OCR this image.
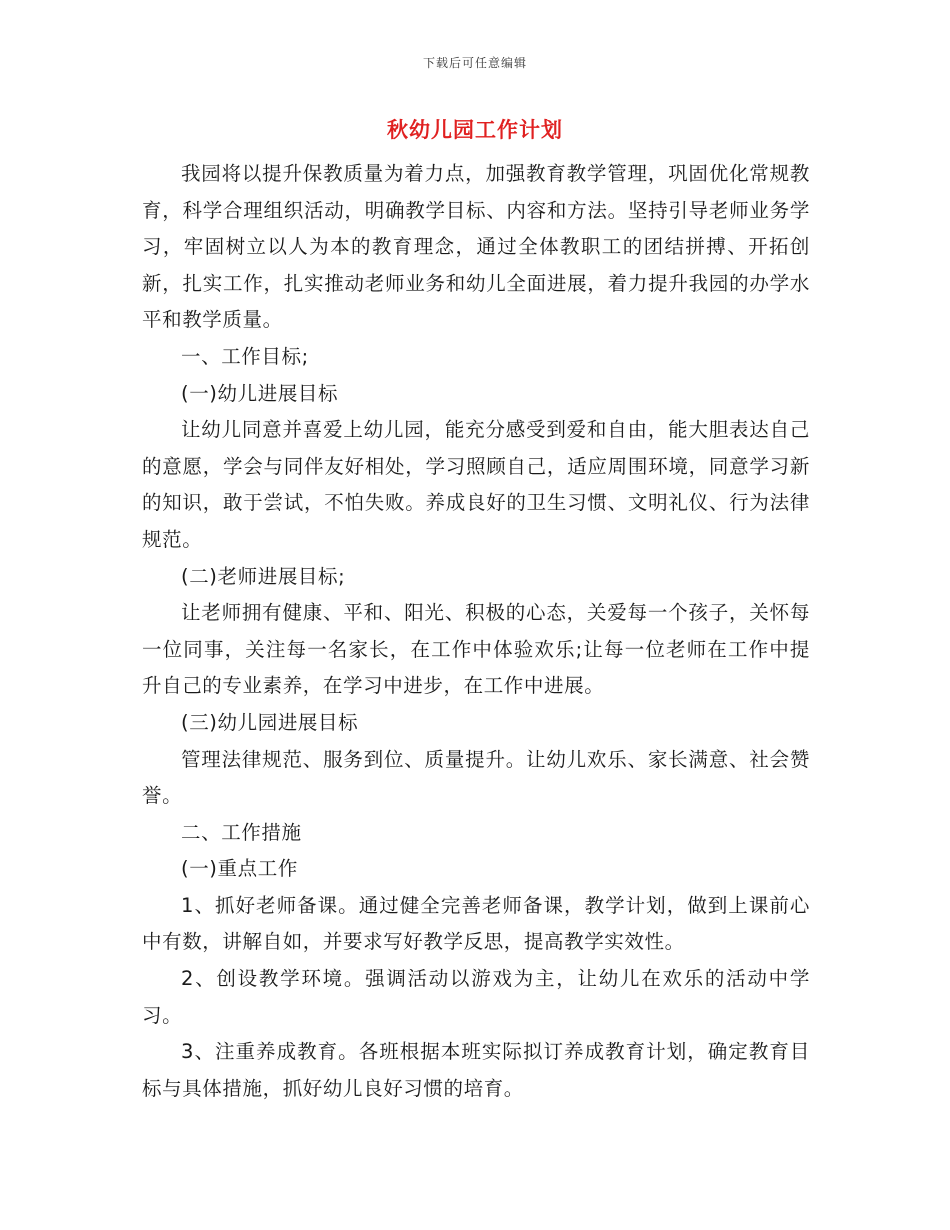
下载后可任意编辑
秋幼儿园工作计划

我园将以提升保教质量为着力点，加强教育教学管理，巩固优化常规教育，科学合理组织活动，明确教学目标、内容和方法。坚持引导老师业务学习，牢固树立以人为本的教育理念，通过全体教职工的团结拼搏、开拓创新，扎实工作，扎实推动老师业务和幼儿全面进展，着力提升我园的办学水平和教学质量。

一、工作目标;

(一)幼儿进展目标

让幼儿同意并喜爱上幼儿园，能充分感受到爱和自由，能大胆表达自己的意愿，学会与同伴友好相处，学习照顾自己，适应周围环境，同意学习新的知识，敢于尝试，不怕失败。养成良好的卫生习惯、文明礼仪、行为法律规范。

(二)老师进展目标;

让老师拥有健康、平和、阳光、积极的心态，关爱每一个孩子，关怀每一位同事，关注每一名家长，在工作中体验欢乐;让每一位老师在工作中提升自己的专业素养，在学习中进步，在工作中进展。

(三)幼儿园进展目标

管理法律规范、服务到位、质量提升。让幼儿欢乐、家长满意、社会赞誉。

二、工作措施

(一)重点工作

1、抓好老师备课。通过健全完善老师备课，教学计划，做到上课前心中有数，讲解自如，并要求写好教学反思，提高教学实效性。

2、创设教学环境。强调活动以游戏为主，让幼儿在欢乐的活动中学习。

3、注重养成教育。各班根据本班实际拟订养成教育计划，确定教育目标与具体措施，抓好幼儿良好习惯的培育。
